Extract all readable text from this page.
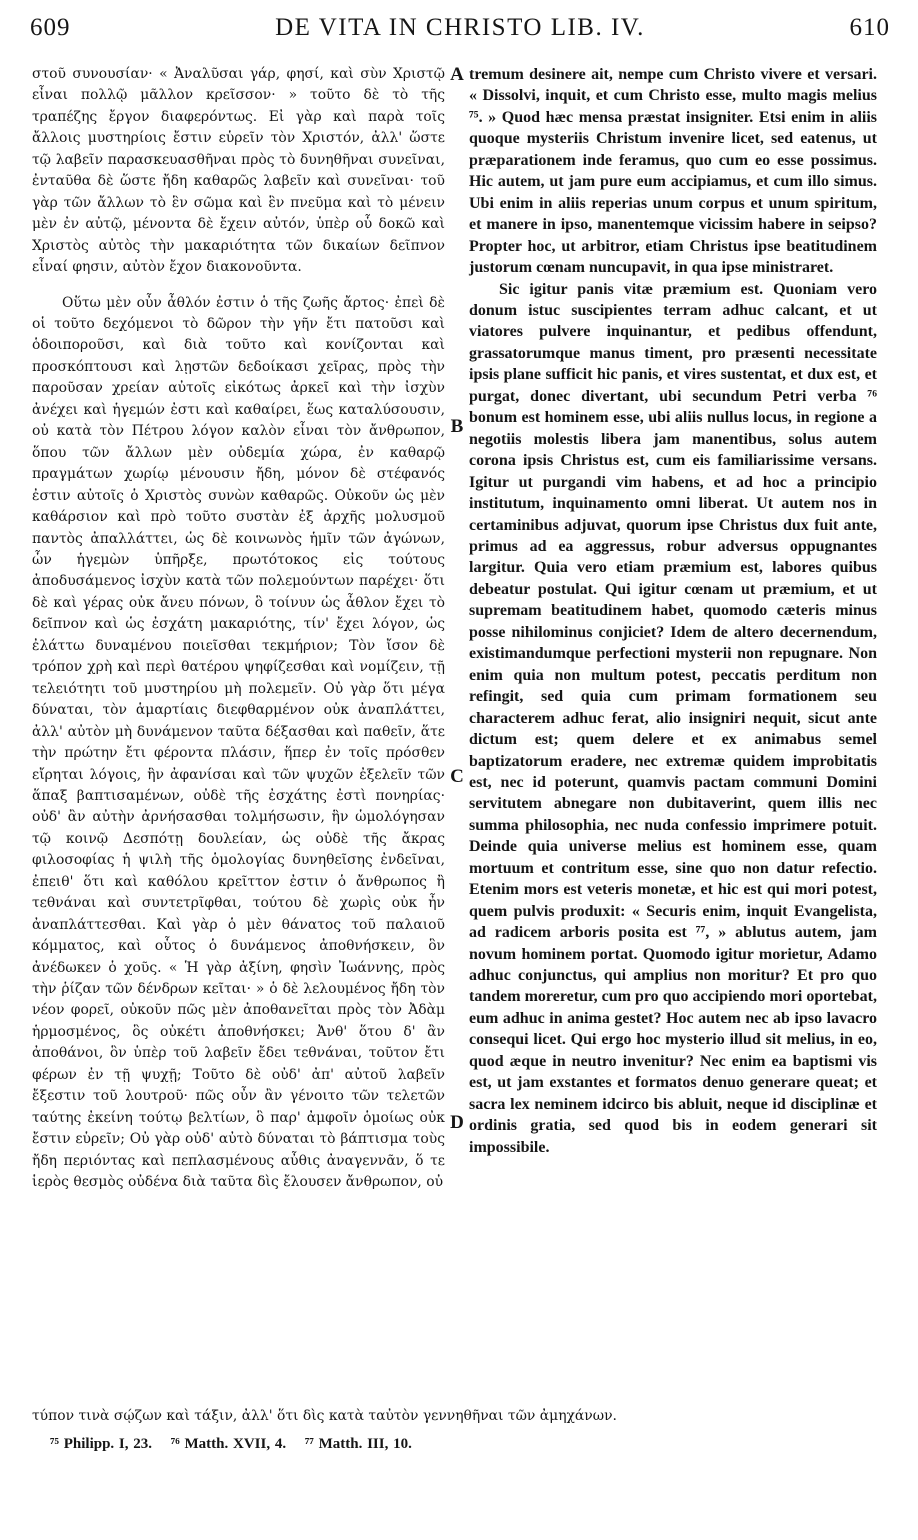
609	DE VITA IN CHRISTO LIB. IV.	610

στοῦ συνουσίαν· « Ἀναλῦσαι γάρ, φησί, καὶ σὺν Χριστῷ εἶναι πολλῷ μᾶλλον κρεῖσσον· » τοῦτο δὲ τὸ τῆς τραπέζης ἔργον διαφερόντως. Εἰ γὰρ καὶ παρὰ τοῖς ἄλλοις μυστηρίοις ἔστιν εὑρεῖν τὸν Χριστόν, ἀλλ' ὥστε τῷ λαβεῖν παρασκευασθῆναι πρὸς τὸ δυνηθῆναι συνεῖναι, ἐνταῦθα δὲ ὥστε ἤδη καθαρῶς λαβεῖν καὶ συνεῖναι· τοῦ γὰρ τῶν ἄλλων τὸ ἓν σῶμα καὶ ἓν πνεῦμα καὶ τὸ μένειν μὲν ἐν αὐτῷ, μένοντα δὲ ἔχειν αὐτόν, ὑπὲρ οὗ δοκῶ καὶ Χριστὸς αὐτὸς τὴν μακαριότητα τῶν δικαίων δεῖπνον εἶναί φησιν, αὐτὸν ἔχον διακονοῦντα.

Οὕτω μὲν οὖν ἆθλόν ἐστιν ὁ τῆς ζωῆς ἄρτος· ἐπεὶ δὲ οἱ τοῦτο δεχόμενοι τὸ δῶρον τὴν γῆν ἔτι πατοῦσι καὶ ὁδοιποροῦσι, καὶ διὰ τοῦτο καὶ κονίζονται καὶ προσκόπτουσι καὶ λῃστῶν δεδοίκασι χεῖρας, πρὸς τὴν παροῦσαν χρείαν αὐτοῖς εἰκότως ἀρκεῖ καὶ τὴν ἰσχὺν ἀνέχει καὶ ἡγεμών ἐστι καὶ καθαίρει, ἕως καταλύσουσιν, οὐ κατὰ τὸν Πέτρου λόγον καλὸν εἶναι τὸν ἄνθρωπον, ὅπου τῶν ἄλλων μὲν οὐδεμία χώρα, ἐν καθαρῷ πραγμάτων χωρίῳ μένουσιν ἤδη, μόνον δὲ στέφανός ἐστιν αὐτοῖς ὁ Χριστὸς συνὼν καθαρῶς. Οὐκοῦν ὡς μὲν καθάρσιον καὶ πρὸ τοῦτο συστὰν ἐξ ἀρχῆς μολυσμοῦ παντὸς ἀπαλλάττει, ὡς δὲ κοινωνὸς ἡμῖν τῶν ἀγώνων, ὧν ἡγεμὼν ὑπῆρξε, πρωτότοκος εἰς τούτους ἀποδυσάμενος ἰσχὺν κατὰ τῶν πολεμούντων παρέχει· ὅτι δὲ καὶ γέρας οὐκ ἄνευ πόνων, ὃ τοίνυν ὡς ἆθλον ἔχει τὸ δεῖπνον καὶ ὡς ἐσχάτη μακαριότης, τίν' ἔχει λόγον, ὡς ἐλάττω δυναμένου ποιεῖσθαι τεκμήριον; Τὸν ἴσον δὲ τρόπον χρὴ καὶ περὶ θατέρου ψηφίζεσθαι καὶ νομίζειν, τῇ τελειότητι τοῦ μυστηρίου μὴ πολεμεῖν. Οὐ γὰρ ὅτι μέγα δύναται, τὸν ἁμαρτίαις διεφθαρμένον οὐκ ἀναπλάττει, ἀλλ' αὐτὸν μὴ δυνάμενον ταῦτα δέξασθαι καὶ παθεῖν, ἅτε τὴν πρώτην ἔτι φέροντα πλάσιν, ἥπερ ἐν τοῖς πρόσθεν εἴρηται λόγοις, ἣν ἀφανίσαι καὶ τῶν ψυχῶν ἐξελεῖν τῶν ἅπαξ βαπτισαμένων, οὐδὲ τῆς ἐσχάτης ἐστὶ πονηρίας· οὐδ' ἂν αὐτὴν ἀρνήσασθαι τολμήσωσιν, ἣν ὡμολόγησαν τῷ κοινῷ Δεσπότῃ δουλείαν, ὡς οὐδὲ τῆς ἄκρας φιλοσοφίας ἡ ψιλὴ τῆς ὁμολογίας δυνηθεῖσης ἐνδεῖναι, ἐπειθ' ὅτι καὶ καθόλου κρεῖττον ἐστιν ὁ ἄνθρωπος ἢ τεθνάναι καὶ συντετρῖφθαι, τούτου δὲ χωρὶς οὐκ ἦν ἀναπλάττεσθαι. Καὶ γὰρ ὁ μὲν θάνατος τοῦ παλαιοῦ κόμματος, καὶ οὗτος ὁ δυνάμενος ἀποθνήσκειν, ὃν ἀνέδωκεν ὁ χοῦς. « Ἡ γὰρ ἀξίνη, φησὶν Ἰωάννης, πρὸς τὴν ῥίζαν τῶν δένδρων κεῖται· » ὁ δὲ λελουμένος ἤδη τὸν νέον φορεῖ, οὐκοῦν πῶς μὲν ἀποθανεῖται πρὸς τὸν Ἀδὰμ ἡρμοσμένος, ὃς οὐκέτι ἀποθνήσκει; Ἀνθ' ὅτου δ' ἂν ἀποθάνοι, ὃν ὑπὲρ τοῦ λαβεῖν ἔδει τεθνάναι, τοῦτον ἔτι φέρων ἐν τῇ ψυχῇ; Τοῦτο δὲ οὐδ' ἀπ' αὐτοῦ λαβεῖν ἔξεστιν τοῦ λουτροῦ· πῶς οὖν ἂν γένοιτο τῶν τελετῶν ταύτης ἐκείνη τούτῳ βελτίων, ὃ παρ' ἀμφοῖν ὁμοίως οὐκ ἔστιν εὑρεῖν; Οὐ γὰρ οὐδ' αὐτὸ δύναται τὸ βάπτισμα τοὺς ἤδη περιόντας καὶ πεπλασμένους αὖθις ἀναγεννᾶν, ὅ τε ἱερὸς θεσμὸς οὐδένα διὰ ταῦτα δὶς ἔλουσεν ἄνθρωπον, οὐ

A
B
C
D

tremum desinere ait, nempe cum Christo vivere et versari. « Dissolvi, inquit, et cum Christo esse, multo magis melius ⁷⁵. » Quod hæc mensa præstat insigniter. Etsi enim in aliis quoque mysteriis Christum invenire licet, sed eatenus, ut præparationem inde feramus, quo cum eo esse possimus. Hic autem, ut jam pure eum accipiamus, et cum illo simus. Ubi enim in aliis reperias unum corpus et unum spiritum, et manere in ipso, manentemque vicissim habere in seipso? Propter hoc, ut arbitror, etiam Christus ipse beatitudinem justorum cœnam nuncupavit, in qua ipse ministraret.

Sic igitur panis vitæ præmium est. Quoniam vero donum istuc suscipientes terram adhuc calcant, et ut viatores pulvere inquinantur, et pedibus offendunt, grassatorumque manus timent, pro præsenti necessitate ipsis plane sufficit hic panis, et vires sustentat, et dux est, et purgat, donec divertant, ubi secundum Petri verba ⁷⁶ bonum est hominem esse, ubi aliis nullus locus, in regione a negotiis molestis libera jam manentibus, solus autem corona ipsis Christus est, cum eis familiarissime versans. Igitur ut purgandi vim habens, et ad hoc a principio institutum, inquinamento omni liberat. Ut autem nos in certaminibus adjuvat, quorum ipse Christus dux fuit ante, primus ad ea aggressus, robur adversus oppugnantes largitur. Quia vero etiam præmium est, labores quibus debeatur postulat. Qui igitur cœnam ut præmium, et ut supremam beatitudinem habet, quomodo cæteris minus posse nihilominus conjiciet? Idem de altero decernendum, existimandumque perfectioni mysterii non repugnare. Non enim quia non multum potest, peccatis perditum non refingit, sed quia cum primam formationem seu characterem adhuc ferat, alio insigniri nequit, sicut ante dictum est; quem delere et ex animabus semel baptizatorum eradere, nec extremæ quidem improbitatis est, nec id poterunt, quamvis pactam communi Domini servitutem abnegare non dubitaverint, quem illis nec summa philosophia, nec nuda confessio imprimere potuit. Deinde quia universe melius est hominem esse, quam mortuum et contritum esse, sine quo non datur refectio. Etenim mors est veteris monetæ, et hic est qui mori potest, quem pulvis produxit: « Securis enim, inquit Evangelista, ad radicem arboris posita est ⁷⁷, » ablutus autem, jam novum hominem portat. Quomodo igitur morietur, Adamo adhuc conjunctus, qui amplius non moritur? Et pro quo tandem moreretur, cum pro quo accipiendo mori oportebat, eum adhuc in anima gestet? Hoc autem nec ab ipso lavacro consequi licet. Qui ergo hoc mysterio illud sit melius, in eo, quod æque in neutro invenitur? Nec enim ea baptismi vis est, ut jam exstantes et formatos denuo generare queat; et sacra lex neminem idcirco bis abluit, neque id disciplinæ et ordinis gratia, sed quod bis in eodem generari sit impossibile.

τύπον τινὰ σῴζων καὶ τάξιν, ἀλλ' ὅτι δὶς κατὰ ταὐτὸν γεννηθῆναι τῶν ἀμηχάνων.
⁷⁵ Philipp. I, 23. ⁷⁶ Matth. XVII, 4. ⁷⁷ Matth. III, 10.
